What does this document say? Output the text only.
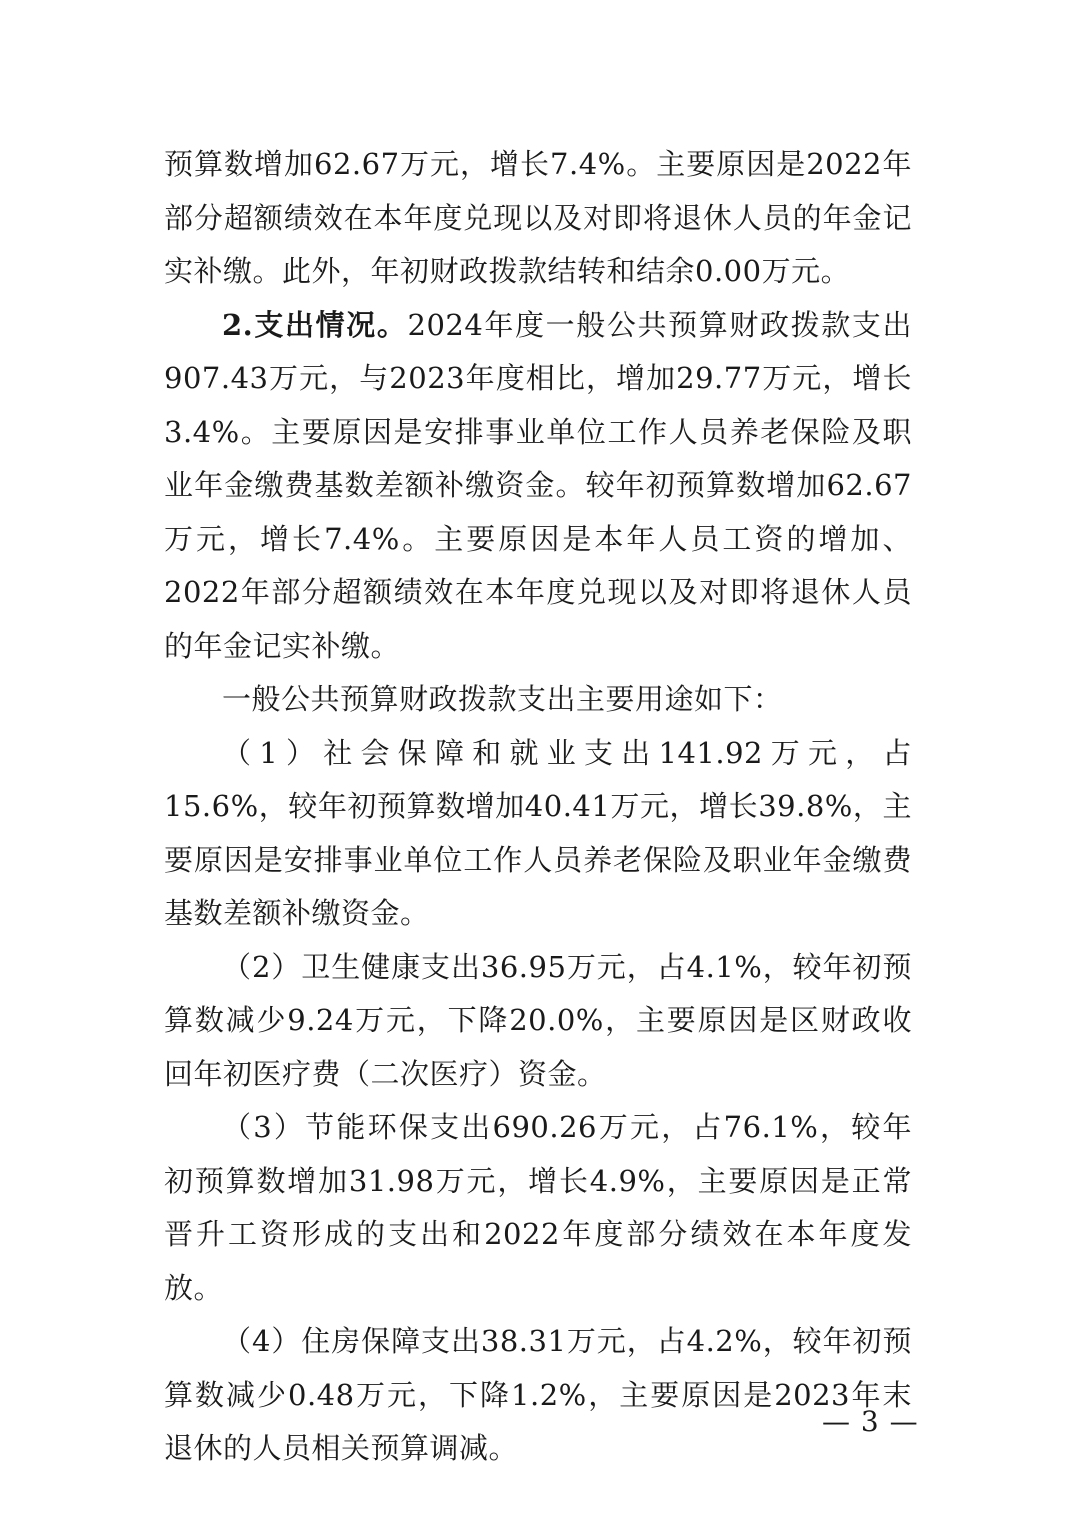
预算数增加62.67万元，增长7.4%。主要原因是2022年部分超额绩效在本年度兑现以及对即将退休人员的年金记实补缴。此外，年初财政拨款结转和结余0.00万元。

2.支出情况。2024年度一般公共预算财政拨款支出907.43万元，与2023年度相比，增加29.77万元，增长3.4%。主要原因是安排事业单位工作人员养老保险及职业年金缴费基数差额补缴资金。较年初预算数增加62.67万元，增长7.4%。主要原因是本年人员工资的增加、2022年部分超额绩效在本年度兑现以及对即将退休人员的年金记实补缴。

一般公共预算财政拨款支出主要用途如下：

（1）社会保障和就业支出141.92万元，占15.6%，较年初预算数增加40.41万元，增长39.8%，主要原因是安排事业单位工作人员养老保险及职业年金缴费基数差额补缴资金。

（2）卫生健康支出36.95万元，占4.1%，较年初预算数减少9.24万元，下降20.0%，主要原因是区财政收回年初医疗费（二次医疗）资金。

（3）节能环保支出690.26万元，占76.1%，较年初预算数增加31.98万元，增长4.9%，主要原因是正常晋升工资形成的支出和2022年度部分绩效在本年度发放。

（4）住房保障支出38.31万元，占4.2%，较年初预算数减少0.48万元，下降1.2%，主要原因是2023年末退休的人员相关预算调减。

— 3 —
